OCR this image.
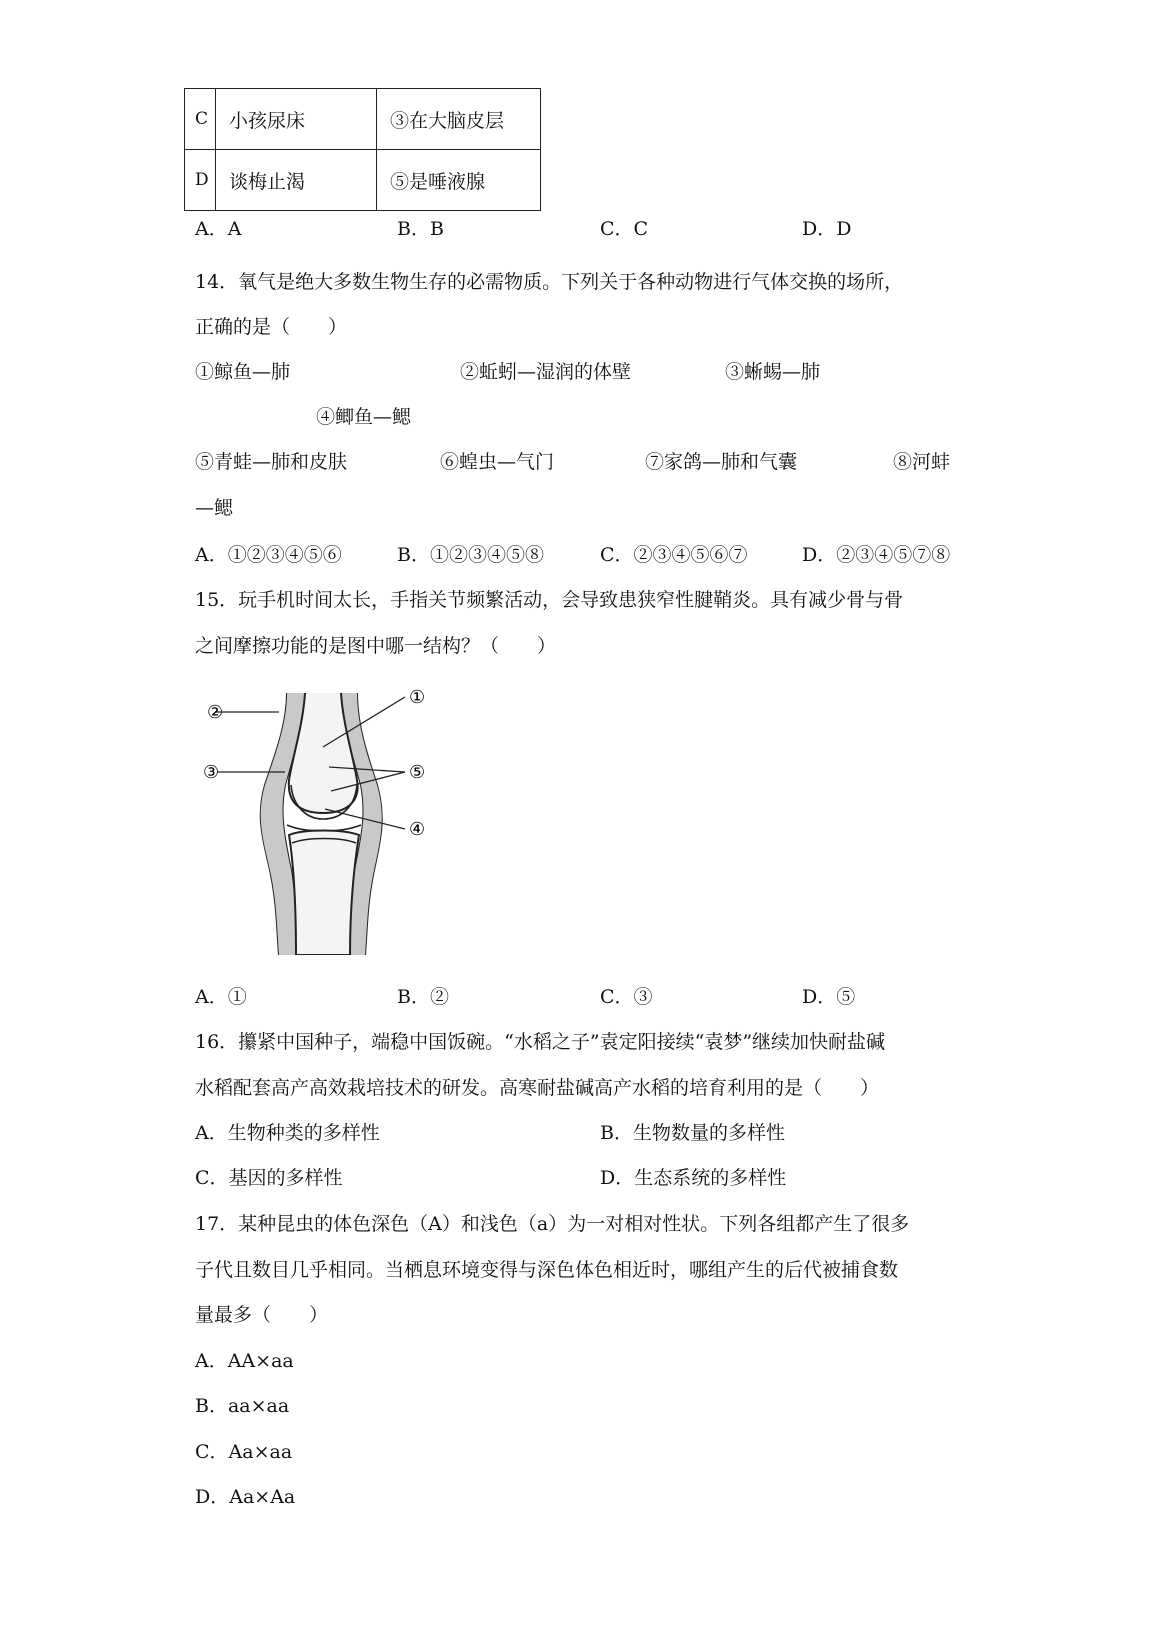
C	小孩尿床	③在大脑皮层
D	谈梅止渴	⑤是唾液腺
A．A	B．B	C．C	D．D
14．氧气是绝大多数生物生存的必需物质。下列关于各种动物进行气体交换的场所，
正确的是（　　）
①鲸鱼—肺	②蚯蚓—湿润的体壁	③蜥蜴—肺
④鲫鱼—鳃
⑤青蛙—肺和皮肤	⑥蝗虫—气门	⑦家鸽—肺和气囊	⑧河蚌
—鳃
A．①②③④⑤⑥	B．①②③④⑤⑧	C．②③④⑤⑥⑦	D．②③④⑤⑦⑧
15．玩手机时间太长，手指关节频繁活动，会导致患狭窄性腱鞘炎。具有减少骨与骨
之间摩擦功能的是图中哪一结构？（　　）
②
①
③	⑤
④
A．①	B．②	C．③	D．⑤
16．攥紧中国种子，端稳中国饭碗。“水稻之子”袁定阳接续“袁梦”继续加快耐盐碱
水稻配套高产高效栽培技术的研发。高寒耐盐碱高产水稻的培育利用的是（　　）
A．生物种类的多样性	B．生物数量的多样性
C．基因的多样性	D．生态系统的多样性
17．某种昆虫的体色深色（A）和浅色（a）为一对相对性状。下列各组都产生了很多
子代且数目几乎相同。当栖息环境变得与深色体色相近时，哪组产生的后代被捕食数
量最多（　　）
A．AA×aa
B．aa×aa
C．Aa×aa
D．Aa×Aa
